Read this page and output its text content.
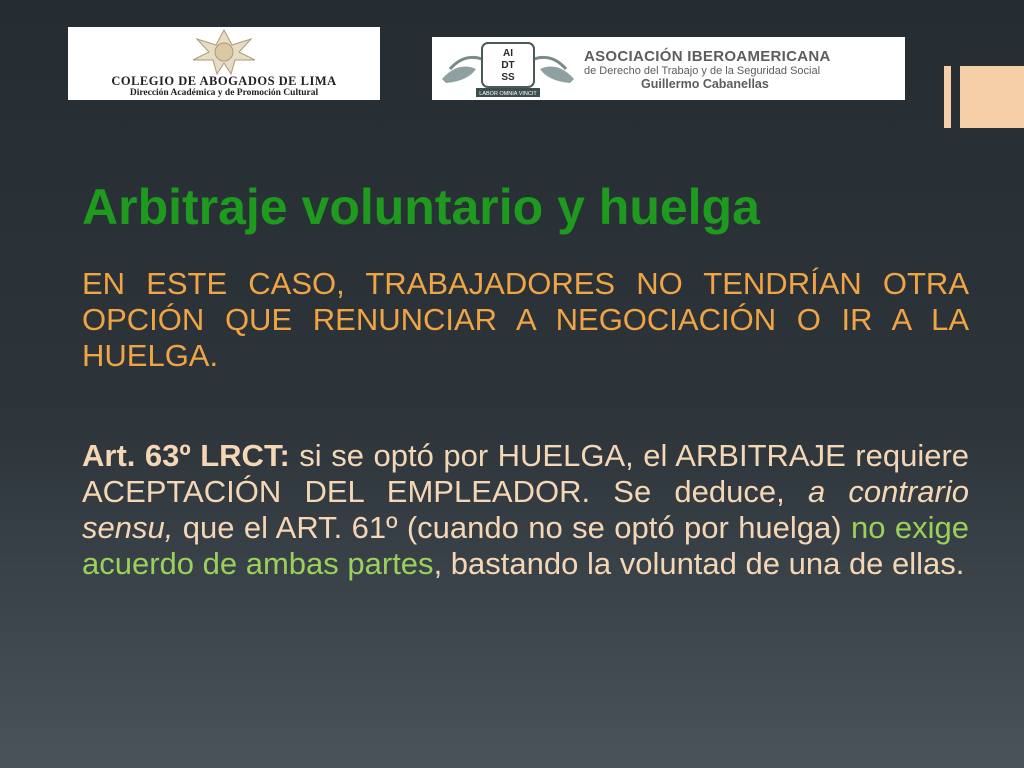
COLEGIO DE ABOGADOS DE LIMA
Dirección Académica y de Promoción Cultural
AI
DT
SS
LABOR OMNIA VINCIT
ASOCIACIÓN IBEROAMERICANA
de Derecho del Trabajo y de la Seguridad Social
Guillermo Cabanellas
Arbitraje voluntario y huelga

EN ESTE CASO, TRABAJADORES NO TENDRÍAN OTRA OPCIÓN QUE RENUNCIAR A NEGOCIACIÓN O IR A LA HUELGA.

Art. 63º LRCT: si se optó por HUELGA, el ARBITRAJE requiere ACEPTACIÓN DEL EMPLEADOR. Se deduce, a contrario sensu, que el ART. 61º (cuando no se optó por huelga) no exige acuerdo de ambas partes, bastando la voluntad de una de ellas.
